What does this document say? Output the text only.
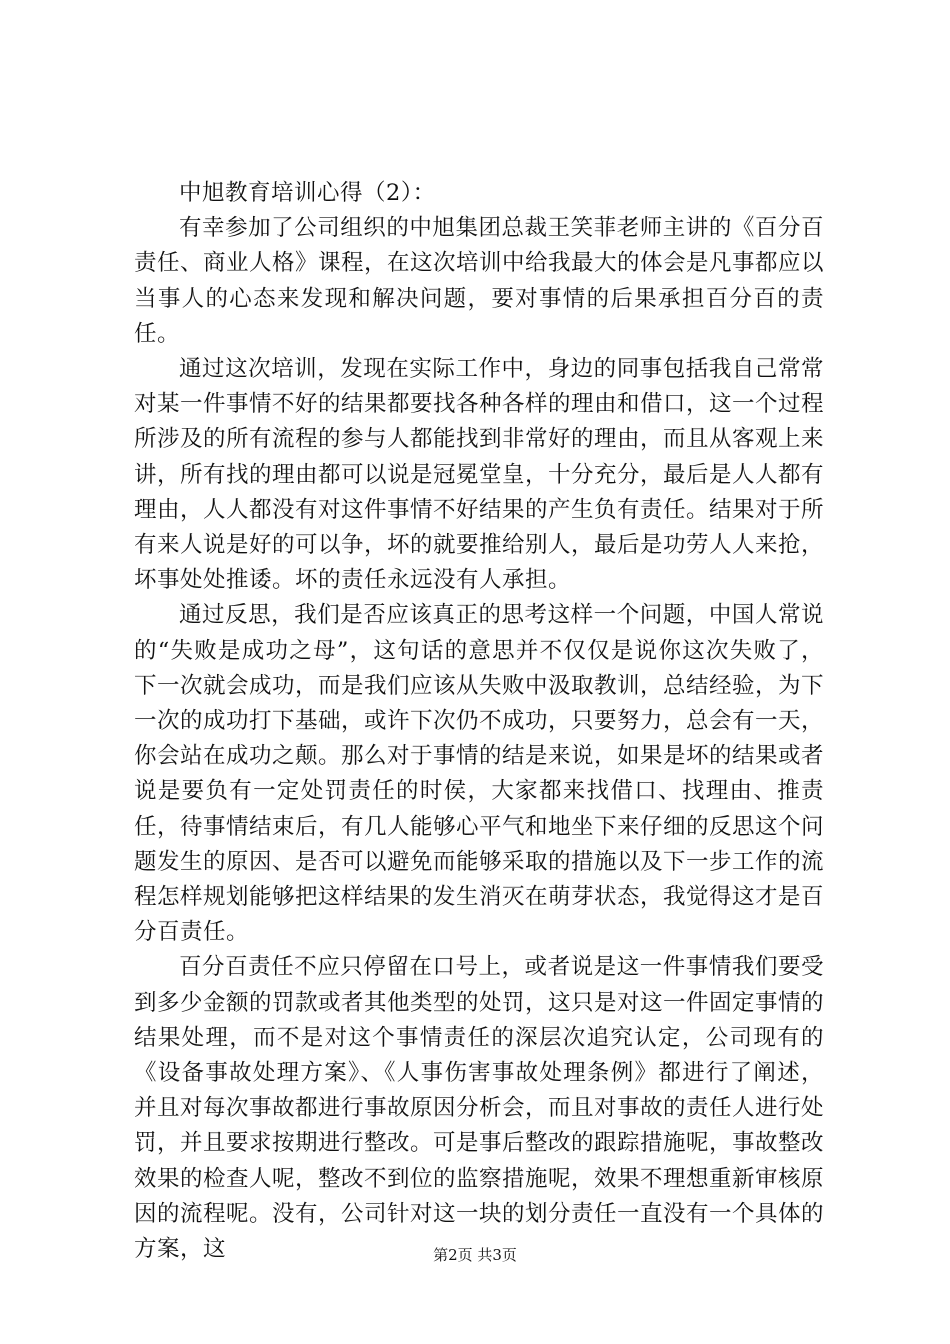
中旭教育培训心得（2）：

有幸参加了公司组织的中旭集团总裁王笑菲老师主讲的《百分百责任、商业人格》课程，在这次培训中给我最大的体会是凡事都应以当事人的心态来发现和解决问题，要对事情的后果承担百分百的责任。

通过这次培训，发现在实际工作中，身边的同事包括我自己常常对某一件事情不好的结果都要找各种各样的理由和借口，这一个过程所涉及的所有流程的参与人都能找到非常好的理由，而且从客观上来讲，所有找的理由都可以说是冠冕堂皇，十分充分，最后是人人都有理由，人人都没有对这件事情不好结果的产生负有责任。结果对于所有来人说是好的可以争，坏的就要推给别人，最后是功劳人人来抢，坏事处处推诿。坏的责任永远没有人承担。

通过反思，我们是否应该真正的思考这样一个问题，中国人常说的“失败是成功之母”，这句话的意思并不仅仅是说你这次失败了，下一次就会成功，而是我们应该从失败中汲取教训，总结经验，为下一次的成功打下基础，或许下次仍不成功，只要努力，总会有一天，你会站在成功之颠。那么对于事情的结是来说，如果是坏的结果或者说是要负有一定处罚责任的时侯，大家都来找借口、找理由、推责任，待事情结束后，有几人能够心平气和地坐下来仔细的反思这个问题发生的原因、是否可以避免而能够采取的措施以及下一步工作的流程怎样规划能够把这样结果的发生消灭在萌芽状态，我觉得这才是百分百责任。

百分百责任不应只停留在口号上，或者说是这一件事情我们要受到多少金额的罚款或者其他类型的处罚，这只是对这一件固定事情的结果处理，而不是对这个事情责任的深层次追究认定，公司现有的《设备事故处理方案》、《人事伤害事故处理条例》都进行了阐述，并且对每次事故都进行事故原因分析会，而且对事故的责任人进行处罚，并且要求按期进行整改。可是事后整改的跟踪措施呢，事故整改效果的检查人呢，整改不到位的监察措施呢，效果不理想重新审核原因的流程呢。没有，公司针对这一块的划分责任一直没有一个具体的方案，这	第2页 共3页
